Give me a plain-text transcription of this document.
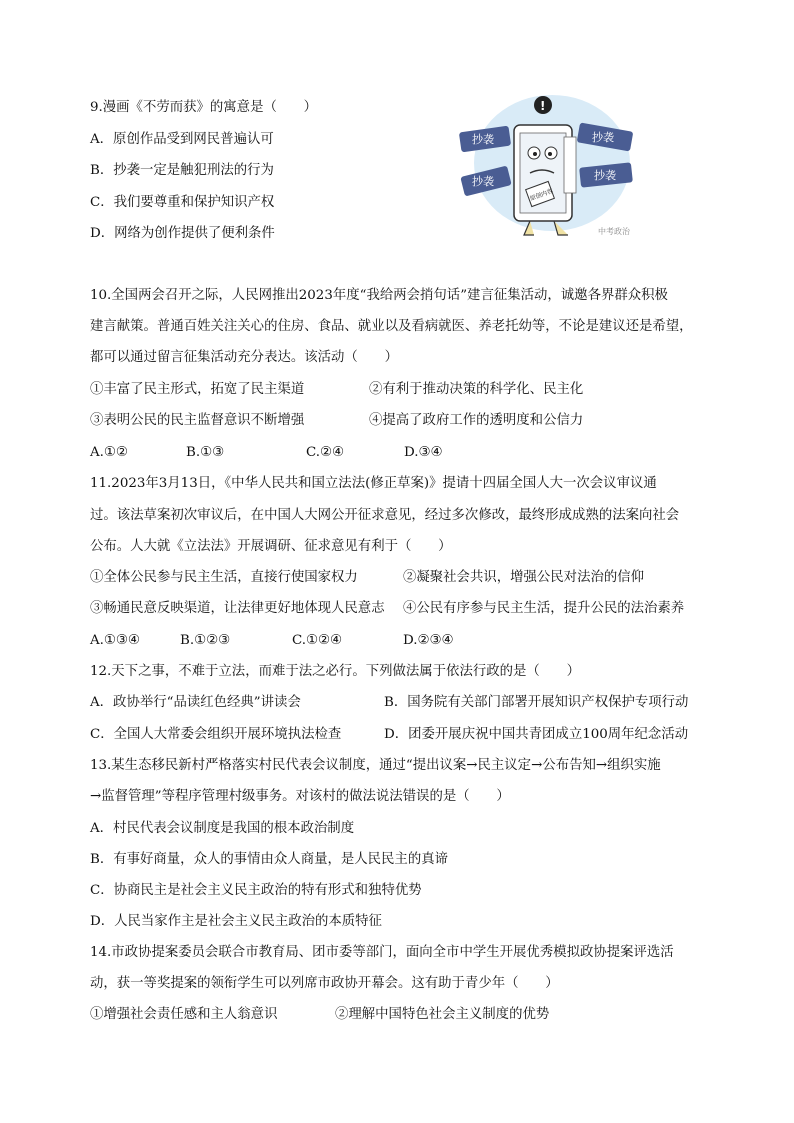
9.漫画《不劳而获》的寓意是（　　）
A．原创作品受到网民普遍认可
B．抄袭一定是触犯刑法的行为
C．我们要尊重和保护知识产权
D．网络为创作提供了便利条件
抄袭
抄袭
抄袭
抄袭
!
原创内容
中考政治
10.全国两会召开之际，人民网推出2023年度“我给两会捎句话”建言征集活动，诚邀各界群众积极
建言献策。普通百姓关注关心的住房、食品、就业以及看病就医、养老托幼等，不论是建议还是希望，
都可以通过留言征集活动充分表达。该活动（　　）
①丰富了民主形式，拓宽了民主渠道	②有利于推动决策的科学化、民主化
③表明公民的民主监督意识不断增强	④提高了政府工作的透明度和公信力
A.①②	B.①③	C.②④	D.③④
11.2023年3月13日，《中华人民共和国立法法(修正草案)》提请十四届全国人大一次会议审议通
过。该法草案初次审议后，在中国人大网公开征求意见，经过多次修改，最终形成成熟的法案向社会
公布。人大就《立法法》开展调研、征求意见有利于（　　）
①全体公民参与民主生活，直接行使国家权力	②凝聚社会共识，增强公民对法治的信仰
③畅通民意反映渠道，让法律更好地体现人民意志 ④公民有序参与民主生活，提升公民的法治素养
A.①③④	B.①②③	C.①②④	D.②③④
12.天下之事，不难于立法，而难于法之必行。下列做法属于依法行政的是（　　）
A．政协举行“品读红色经典”讲读会	B．国务院有关部门部署开展知识产权保护专项行动
C．全国人大常委会组织开展环境执法检查	D．团委开展庆祝中国共青团成立100周年纪念活动
13.某生态移民新村严格落实村民代表会议制度，通过“提出议案→民主议定→公布告知→组织实施
→监督管理”等程序管理村级事务。对该村的做法说法错误的是（　　）
A．村民代表会议制度是我国的根本政治制度
B．有事好商量，众人的事情由众人商量，是人民民主的真谛
C．协商民主是社会主义民主政治的特有形式和独特优势
D．人民当家作主是社会主义民主政治的本质特征
14.市政协提案委员会联合市教育局、团市委等部门，面向全市中学生开展优秀模拟政协提案评选活
动，获一等奖提案的领衔学生可以列席市政协开幕会。这有助于青少年（　　）
①增强社会责任感和主人翁意识	②理解中国特色社会主义制度的优势
